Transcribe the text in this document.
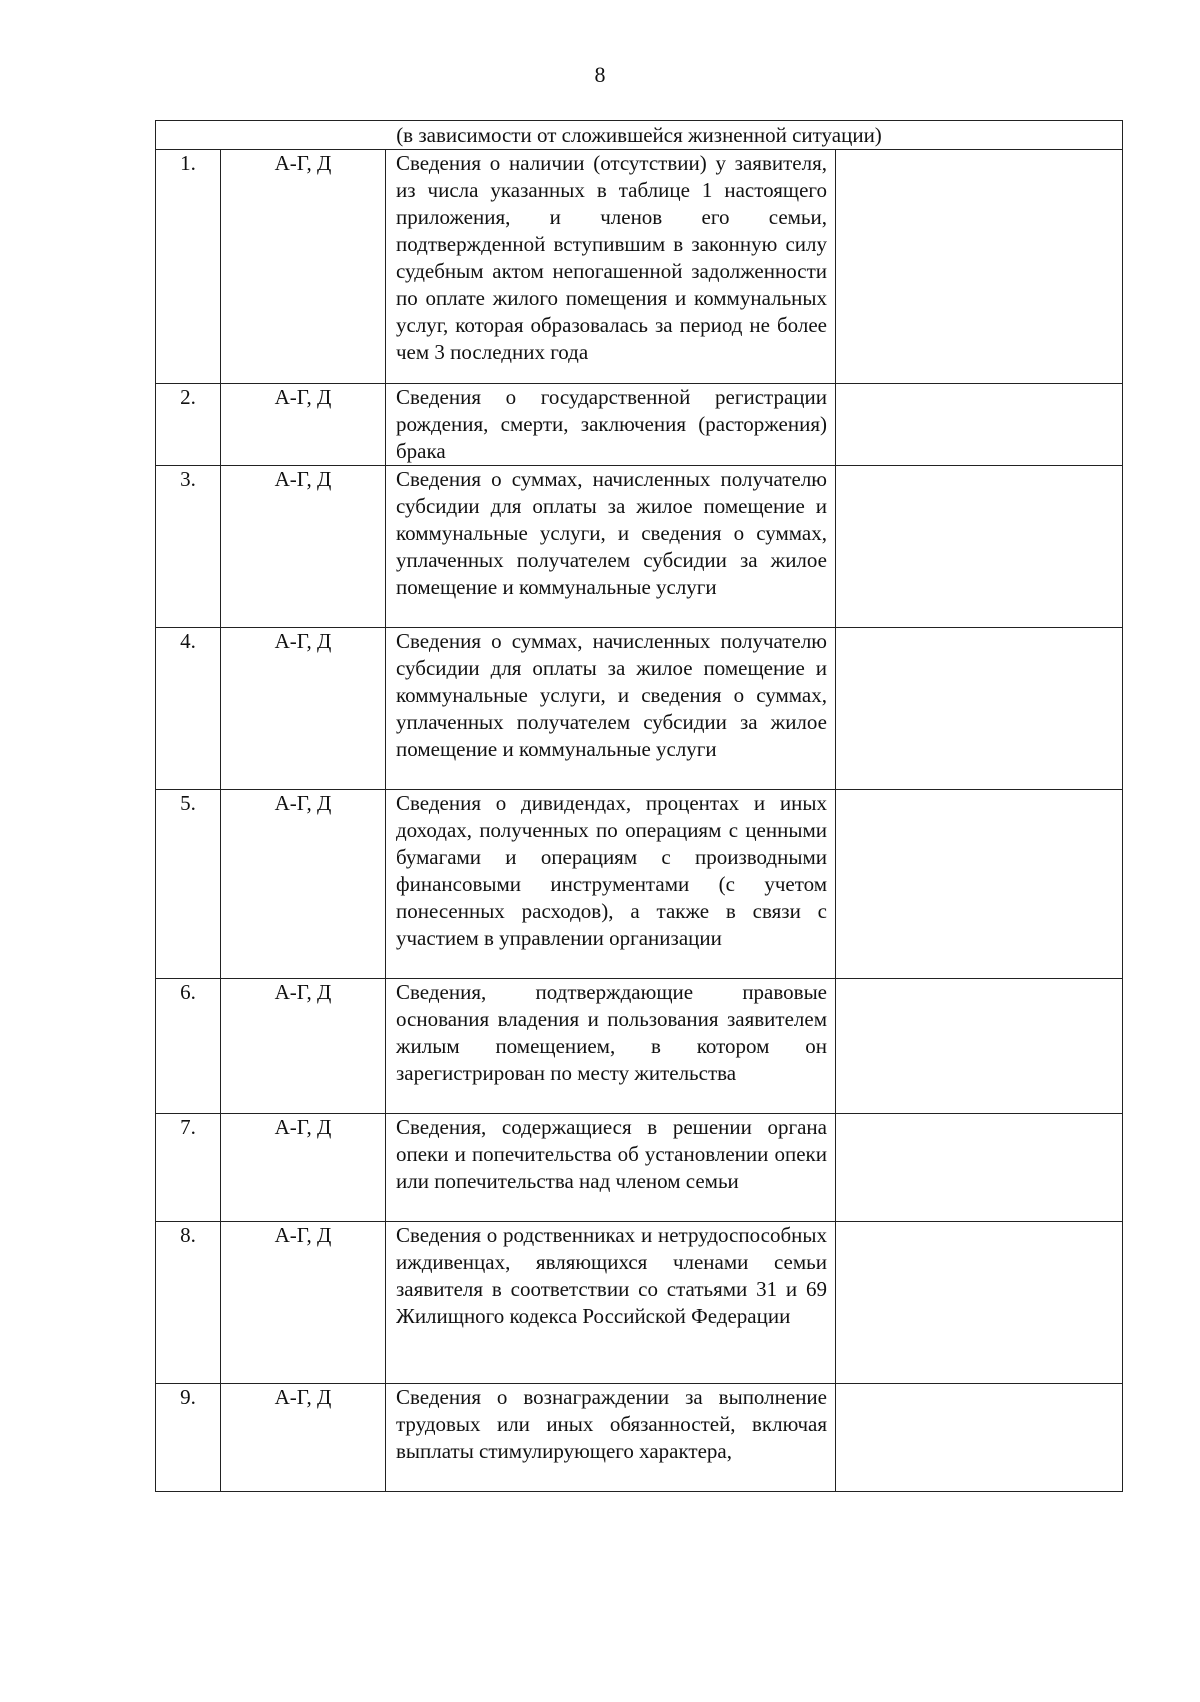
8
(в зависимости от сложившейся жизненной ситуации)			
1.	А-Г, Д	Сведения о наличии (отсутствии) у заявителя, из числа указанных в таблице 1 настоящего приложения, и членов его семьи, подтвержденной вступившим в законную силу судебным актом непогашенной задолженности по оплате жилого помещения и коммунальных услуг, которая образовалась за период не более чем 3 последних года	
2.	А-Г, Д	Сведения о государственной регистрации рождения, смерти, заключения (расторжения) брака	
3.	А-Г, Д	Сведения о суммах, начисленных получателю субсидии для оплаты за жилое помещение и коммунальные услуги, и сведения о суммах, уплаченных получателем субсидии за жилое помещение и коммунальные услуги	
4.	А-Г, Д	Сведения о суммах, начисленных получателю субсидии для оплаты за жилое помещение и коммунальные услуги, и сведения о суммах, уплаченных получателем субсидии за жилое помещение и коммунальные услуги	
5.	А-Г, Д	Сведения о дивидендах, процентах и иных доходах, полученных по операциям с ценными бумагами и операциям с производными финансовыми инструментами (с учетом понесенных расходов), а также в связи с участием в управлении организации	
6.	А-Г, Д	Сведения, подтверждающие правовые основания владения и пользования заявителем жилым помещением, в котором он зарегистрирован по месту жительства	
7.	А-Г, Д	Сведения, содержащиеся в решении органа опеки и попечительства об установлении опеки или попечительства над членом семьи	
8.	А-Г, Д	Сведения о родственниках и нетрудоспособных иждивенцах, являющихся членами семьи заявителя в соответствии со статьями 31 и 69 Жилищного кодекса Российской Федерации	
9.	А-Г, Д	Сведения о вознаграждении за выполнение трудовых или иных обязанностей, включая выплаты стимулирующего характера,	
